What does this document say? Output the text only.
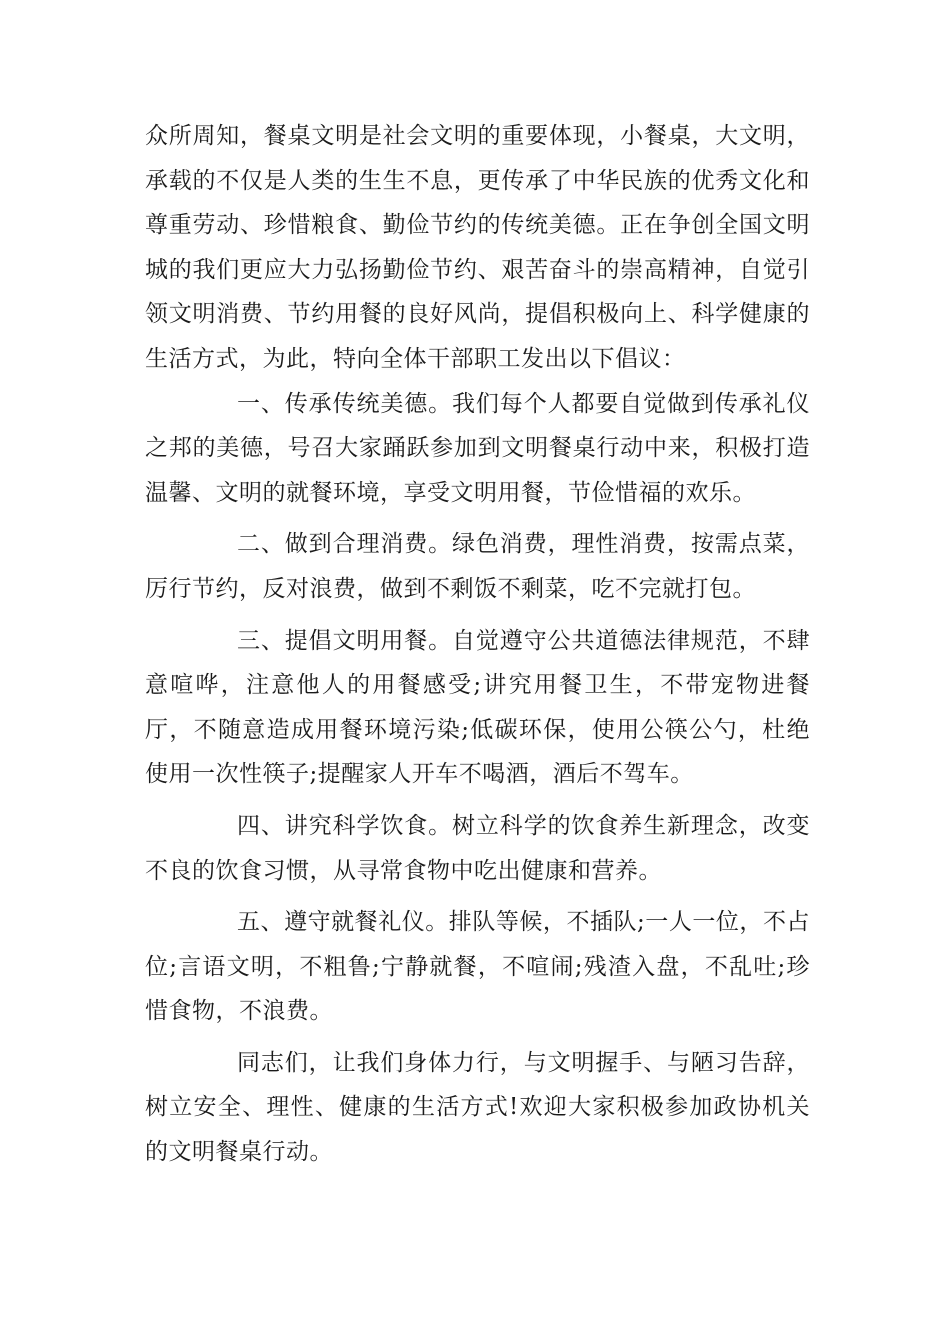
众所周知，餐桌文明是社会文明的重要体现，小餐桌，大文明，承载的不仅是人类的生生不息，更传承了中华民族的优秀文化和尊重劳动、珍惜粮食、勤俭节约的传统美德。正在争创全国文明城的我们更应大力弘扬勤俭节约、艰苦奋斗的崇高精神，自觉引领文明消费、节约用餐的良好风尚，提倡积极向上、科学健康的生活方式，为此，特向全体干部职工发出以下倡议：

一、传承传统美德。我们每个人都要自觉做到传承礼仪之邦的美德，号召大家踊跃参加到文明餐桌行动中来，积极打造温馨、文明的就餐环境，享受文明用餐，节俭惜福的欢乐。

二、做到合理消费。绿色消费，理性消费，按需点菜，厉行节约，反对浪费，做到不剩饭不剩菜，吃不完就打包。

三、提倡文明用餐。自觉遵守公共道德法律规范，不肆意喧哗，注意他人的用餐感受;讲究用餐卫生，不带宠物进餐厅，不随意造成用餐环境污染;低碳环保，使用公筷公勺，杜绝使用一次性筷子;提醒家人开车不喝酒，酒后不驾车。

四、讲究科学饮食。树立科学的饮食养生新理念，改变不良的饮食习惯，从寻常食物中吃出健康和营养。

五、遵守就餐礼仪。排队等候，不插队;一人一位，不占位;言语文明，不粗鲁;宁静就餐，不喧闹;残渣入盘，不乱吐;珍惜食物，不浪费。

同志们，让我们身体力行，与文明握手、与陋习告辞，树立安全、理性、健康的生活方式!欢迎大家积极参加政协机关的文明餐桌行动。
